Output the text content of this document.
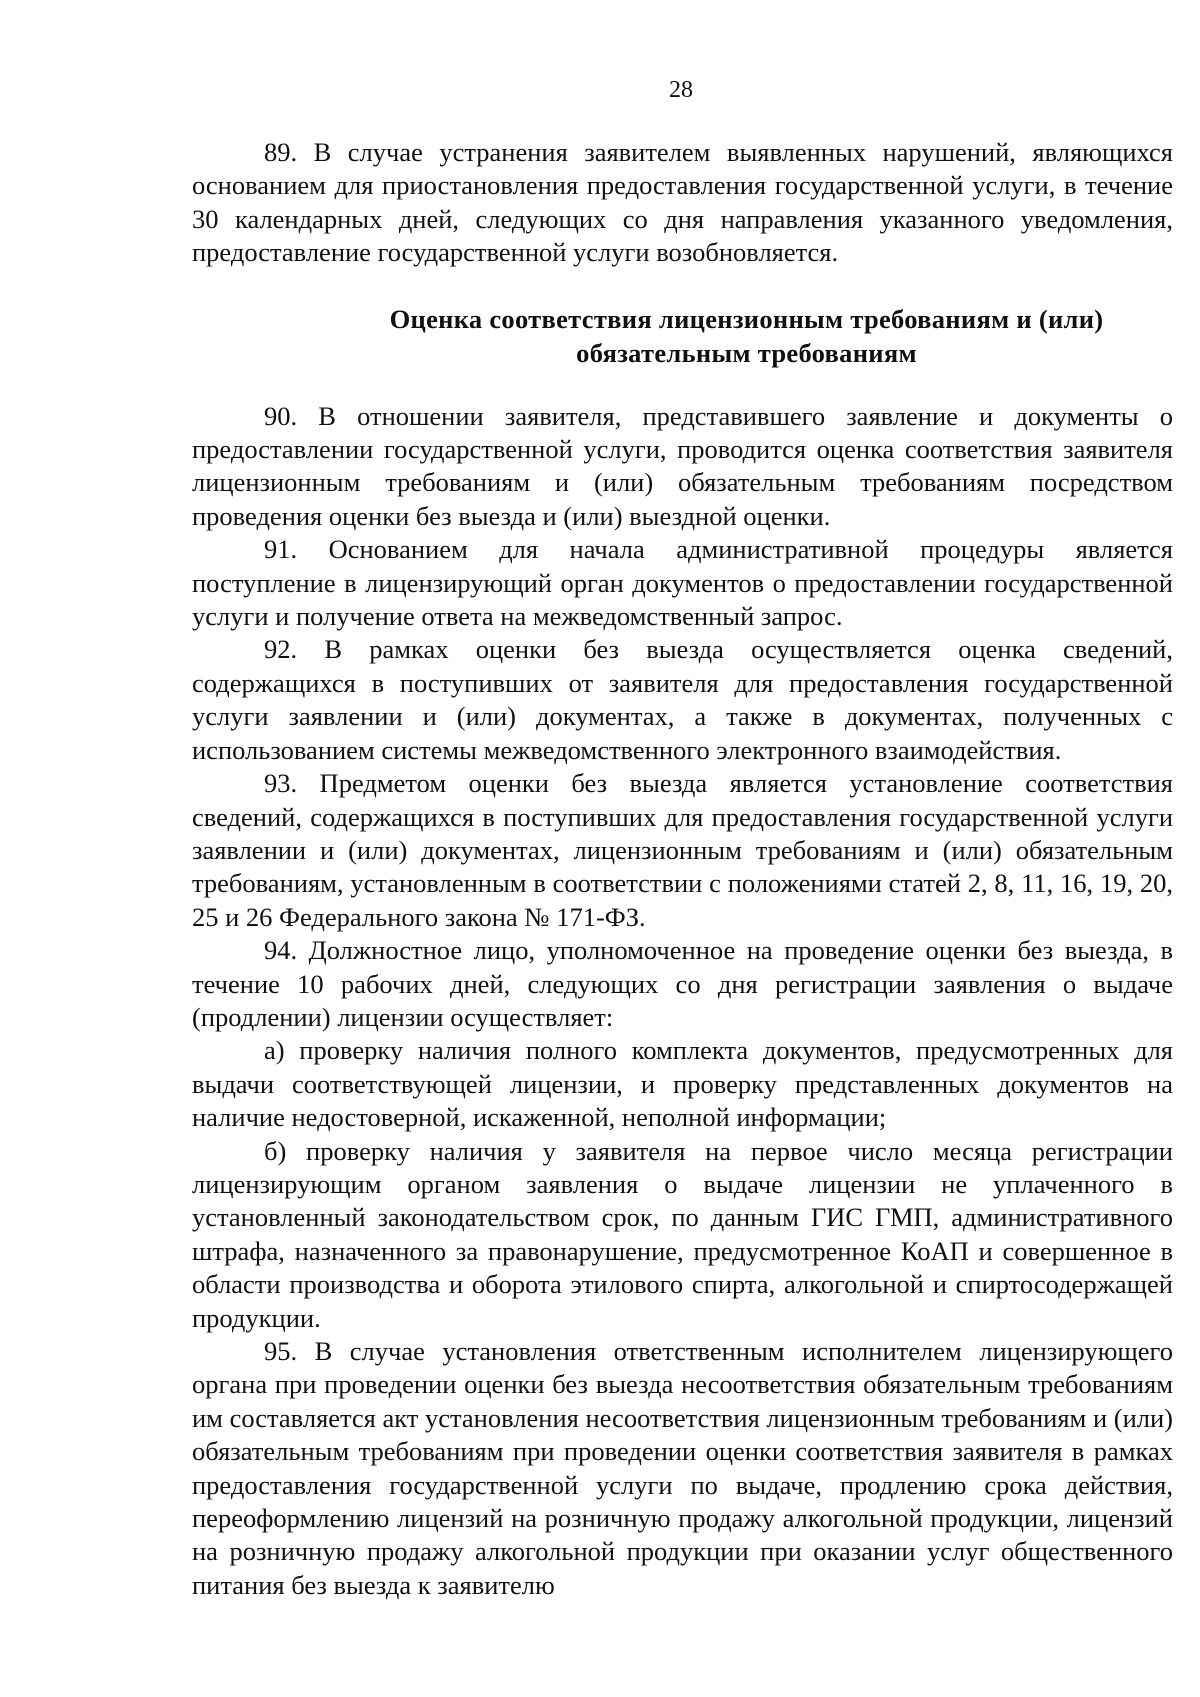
28

89. В случае устранения заявителем выявленных нарушений, являющихся основанием для приостановления предоставления государственной услуги, в течение 30 календарных дней, следующих со дня направления указанного уведомления, предоставление государственной услуги возобновляется.

Оценка соответствия лицензионным требованиям и (или)
обязательным требованиям

90. В отношении заявителя, представившего заявление и документы о предоставлении государственной услуги, проводится оценка соответствия заявителя лицензионным требованиям и (или) обязательным требованиям посредством проведения оценки без выезда и (или) выездной оценки.

91. Основанием для начала административной процедуры является поступление в лицензирующий орган документов о предоставлении государственной услуги и получение ответа на межведомственный запрос.

92. В рамках оценки без выезда осуществляется оценка сведений, содержащихся в поступивших от заявителя для предоставления государственной услуги заявлении и (или) документах, а также в документах, полученных с использованием системы межведомственного электронного взаимодействия.

93. Предметом оценки без выезда является установление соответствия сведений, содержащихся в поступивших для предоставления государственной услуги заявлении и (или) документах, лицензионным требованиям и (или) обязательным требованиям, установленным в соответствии с положениями статей 2, 8, 11, 16, 19, 20, 25 и 26 Федерального закона № 171-ФЗ.

94. Должностное лицо, уполномоченное на проведение оценки без выезда, в течение 10 рабочих дней, следующих со дня регистрации заявления о выдаче (продлении) лицензии осуществляет:

а) проверку наличия полного комплекта документов, предусмотренных для выдачи соответствующей лицензии, и проверку представленных документов на наличие недостоверной, искаженной, неполной информации;

б) проверку наличия у заявителя на первое число месяца регистрации лицензирующим органом заявления о выдаче лицензии не уплаченного в установленный законодательством срок, по данным ГИС ГМП, административного штрафа, назначенного за правонарушение, предусмотренное КоАП и совершенное в области производства и оборота этилового спирта, алкогольной и спиртосодержащей продукции.

95. В случае установления ответственным исполнителем лицензирующего органа при проведении оценки без выезда несоответствия обязательным требованиям им составляется акт установления несоответствия лицензионным требованиям и (или) обязательным требованиям при проведении оценки соответствия заявителя в рамках предоставления государственной услуги по выдаче, продлению срока действия, переоформлению лицензий на розничную продажу алкогольной продукции, лицензий на розничную продажу алкогольной продукции при оказании услуг общественного питания без выезда к заявителю
